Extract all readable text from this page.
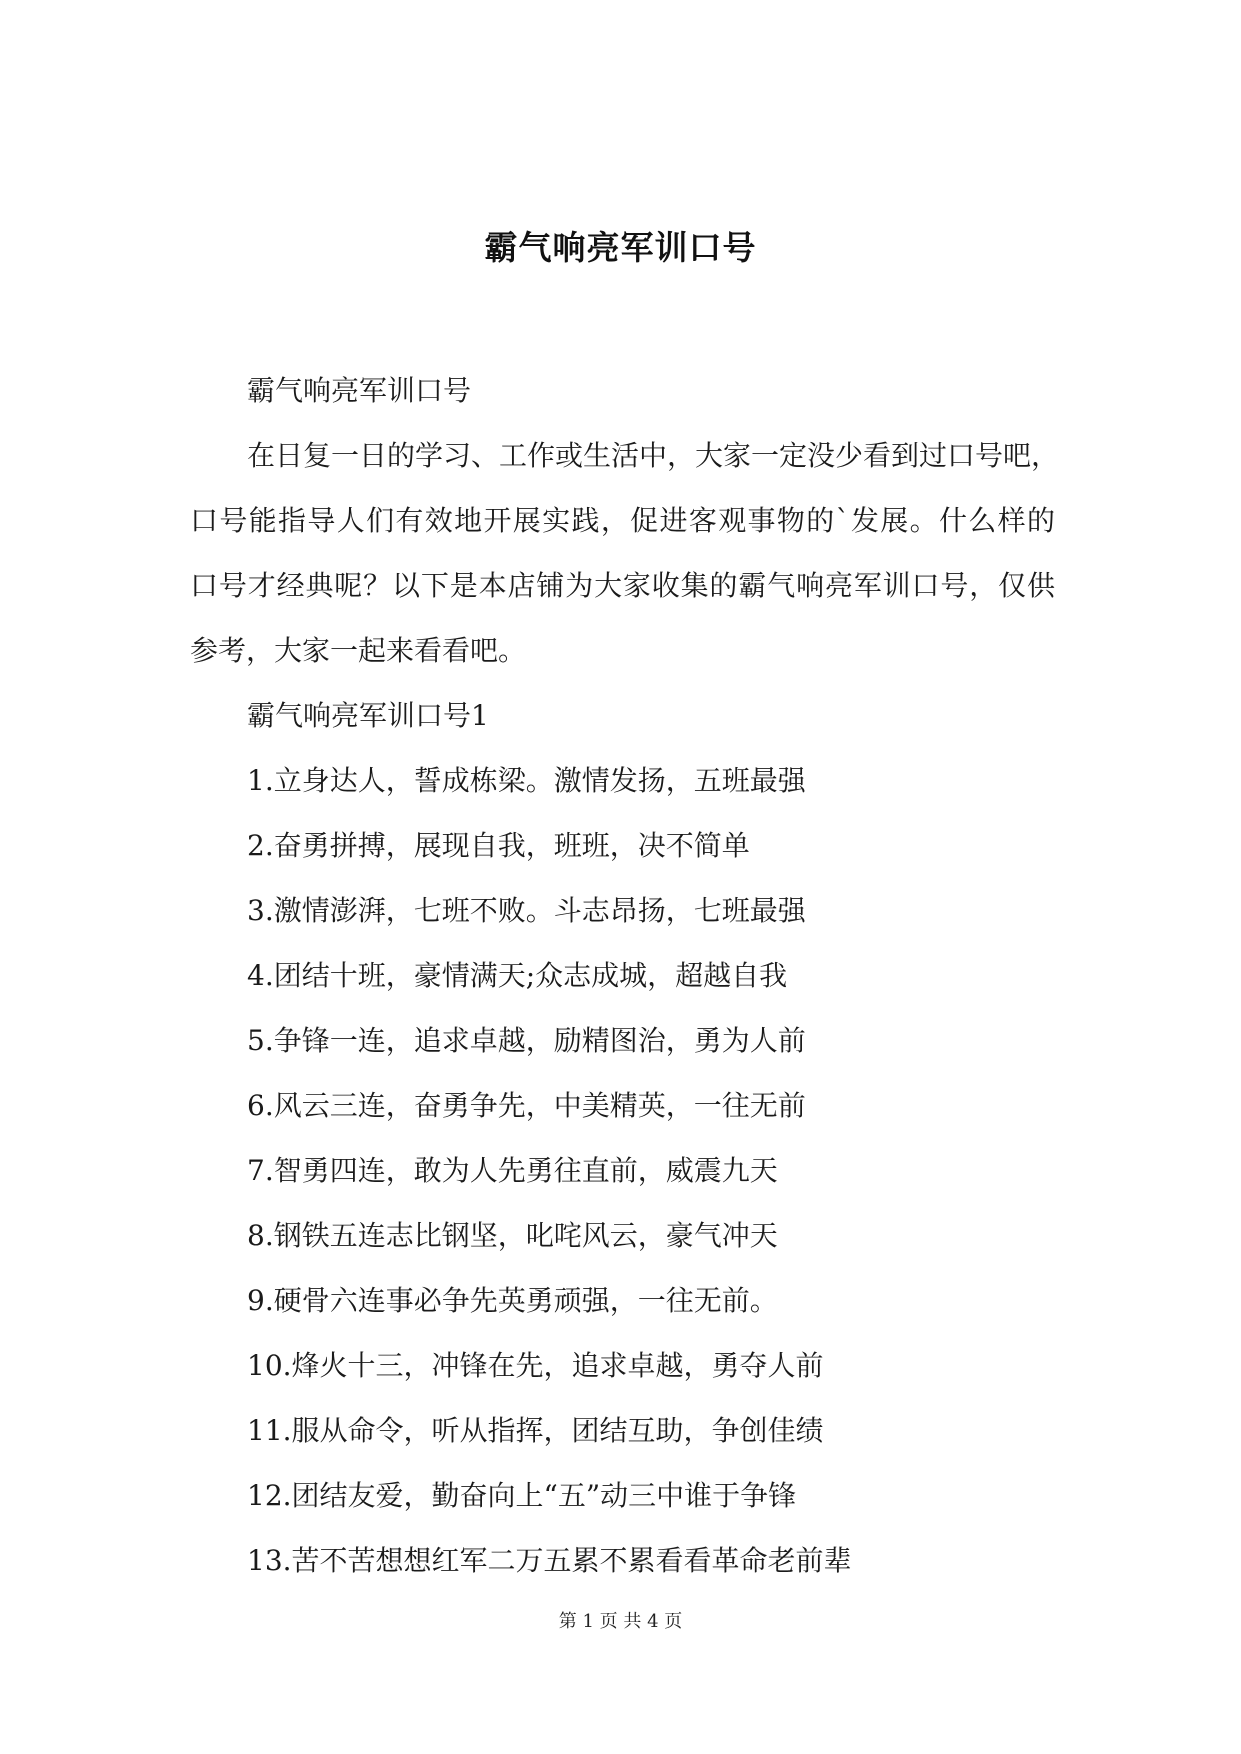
霸气响亮军训口号
霸气响亮军训口号
在日复一日的学习、工作或生活中，大家一定没少看到过口号吧，
口号能指导人们有效地开展实践，促进客观事物的`发展。什么样的
口号才经典呢？以下是本店铺为大家收集的霸气响亮军训口号，仅供
参考，大家一起来看看吧。
霸气响亮军训口号1
1.立身达人，誓成栋梁。激情发扬，五班最强
2.奋勇拼搏，展现自我，班班，决不简单
3.激情澎湃，七班不败。斗志昂扬，七班最强
4.团结十班，豪情满天;众志成城，超越自我
5.争锋一连，追求卓越，励精图治，勇为人前
6.风云三连，奋勇争先，中美精英，一往无前
7.智勇四连，敢为人先勇往直前，威震九天
8.钢铁五连志比钢坚，叱咤风云，豪气冲天
9.硬骨六连事必争先英勇顽强，一往无前。
10.烽火十三，冲锋在先，追求卓越，勇夺人前
11.服从命令，听从指挥，团结互助，争创佳绩
12.团结友爱，勤奋向上“五”动三中谁于争锋
13.苦不苦想想红军二万五累不累看看革命老前辈
第 1 页 共 4 页
